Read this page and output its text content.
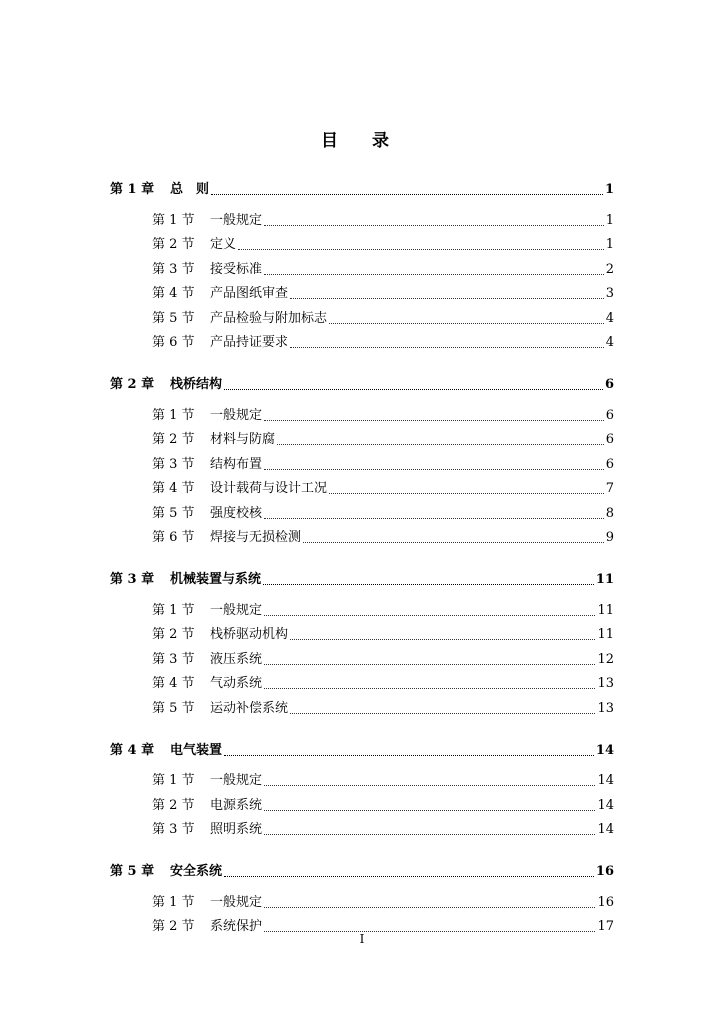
目 录
第 1 章	总　则	1
第 1 节	一般规定	1
第 2 节	定义	1
第 3 节	接受标准	2
第 4 节	产品图纸审查	3
第 5 节	产品检验与附加标志	4
第 6 节	产品持证要求	4
第 2 章	栈桥结构	6
第 1 节	一般规定	6
第 2 节	材料与防腐	6
第 3 节	结构布置	6
第 4 节	设计载荷与设计工况	7
第 5 节	强度校核	8
第 6 节	焊接与无损检测	9
第 3 章	机械装置与系统	11
第 1 节	一般规定	11
第 2 节	栈桥驱动机构	11
第 3 节	液压系统	12
第 4 节	气动系统	13
第 5 节	运动补偿系统	13
第 4 章	电气装置	14
第 1 节	一般规定	14
第 2 节	电源系统	14
第 3 节	照明系统	14
第 5 章	安全系统	16
第 1 节	一般规定	16
第 2 节	系统保护	17
I
